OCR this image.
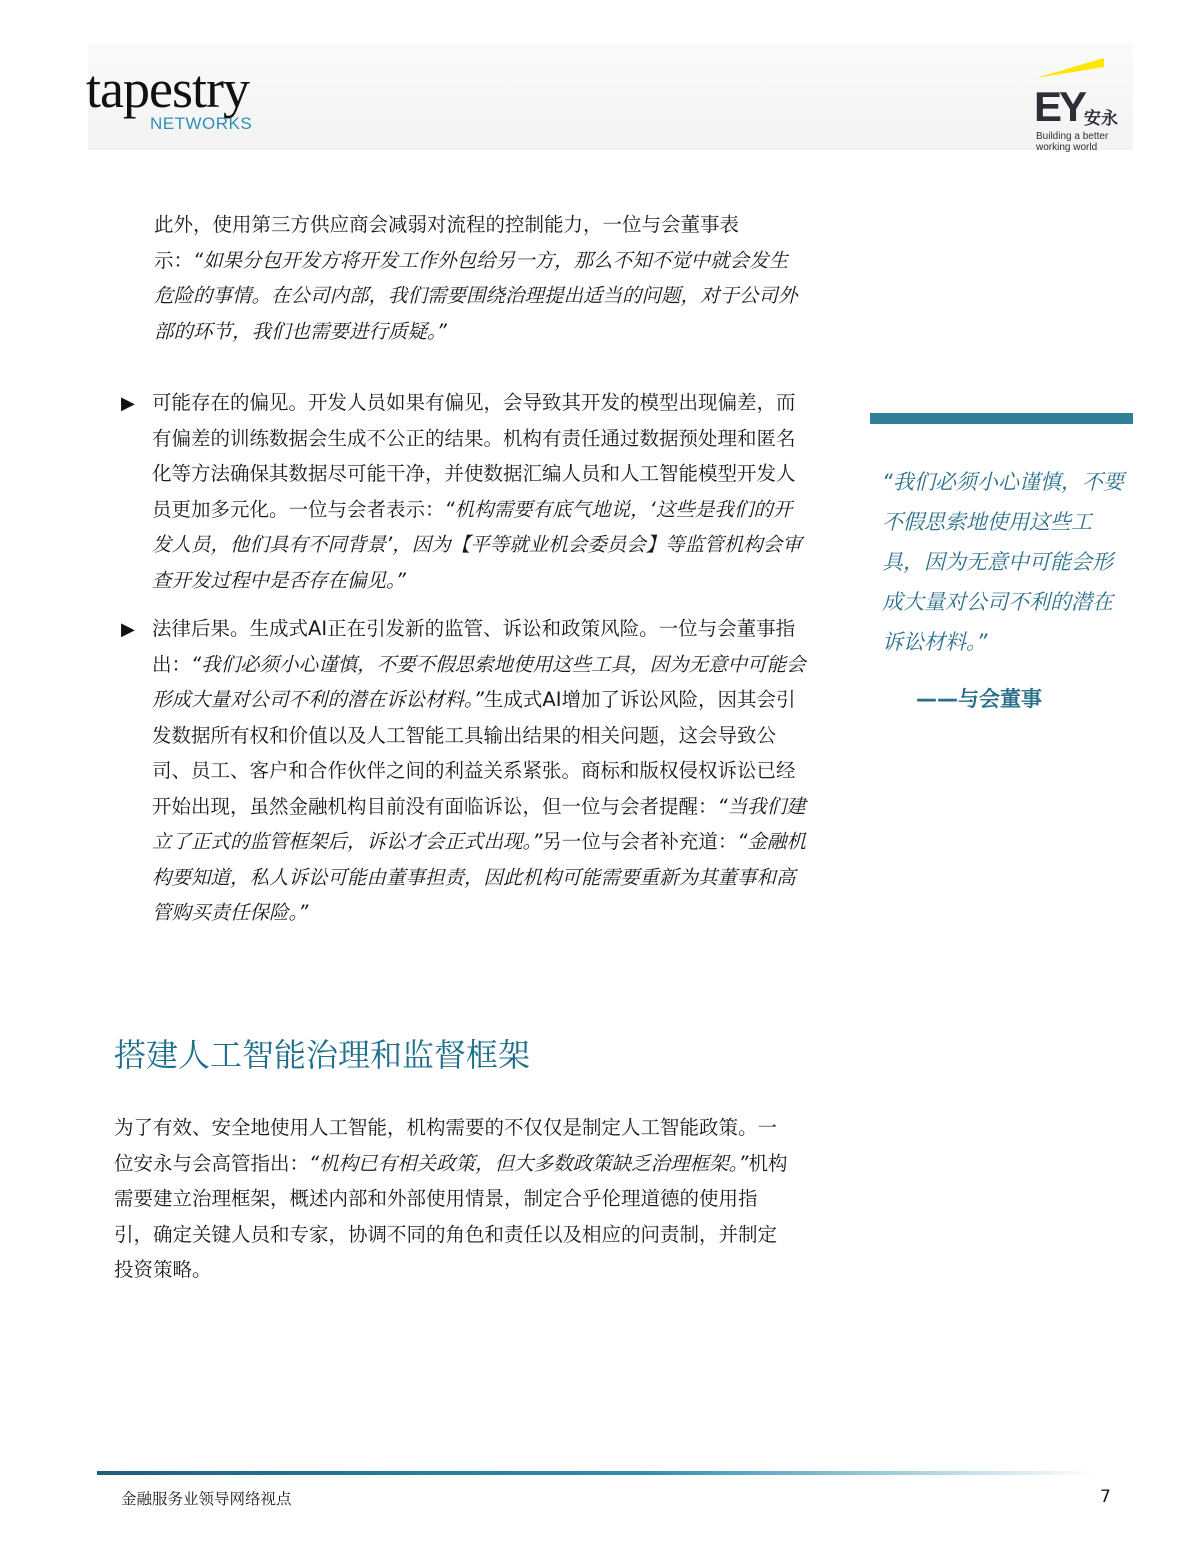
tapestry
NETWORKS	EY 安永
Building a better working world

此外，使用第三方供应商会减弱对流程的控制能力，一位与会董事表示：“如果分包开发方将开发工作外包给另一方，那么不知不觉中就会发生危险的事情。在公司内部，我们需要围绕治理提出适当的问题，对于公司外部的环节，我们也需要进行质疑。”

▶ 可能存在的偏见。开发人员如果有偏见，会导致其开发的模型出现偏差，而有偏差的训练数据会生成不公正的结果。机构有责任通过数据预处理和匿名化等方法确保其数据尽可能干净，并使数据汇编人员和人工智能模型开发人员更加多元化。一位与会者表示：“机构需要有底气地说，‘这些是我们的开发人员，他们具有不同背景’，因为【平等就业机会委员会】等监管机构会审查开发过程中是否存在偏见。”

▶ 法律后果。生成式AI正在引发新的监管、诉讼和政策风险。一位与会董事指出：“我们必须小心谨慎，不要不假思索地使用这些工具，因为无意中可能会形成大量对公司不利的潜在诉讼材料。”生成式AI增加了诉讼风险，因其会引发数据所有权和价值以及人工智能工具输出结果的相关问题，这会导致公司、员工、客户和合作伙伴之间的利益关系紧张。商标和版权侵权诉讼已经开始出现，虽然金融机构目前没有面临诉讼，但一位与会者提醒：“当我们建立了正式的监管框架后，诉讼才会正式出现。”另一位与会者补充道：“金融机构要知道，私人诉讼可能由董事担责，因此机构可能需要重新为其董事和高管购买责任保险。”

“我们必须小心谨慎，不要不假思索地使用这些工具，因为无意中可能会形成大量对公司不利的潜在诉讼材料。”

——与会董事
搭建人工智能治理和监督框架

为了有效、安全地使用人工智能，机构需要的不仅仅是制定人工智能政策。一位安永与会高管指出：“机构已有相关政策，但大多数政策缺乏治理框架。”机构需要建立治理框架，概述内部和外部使用情景，制定合乎伦理道德的使用指引，确定关键人员和专家，协调不同的角色和责任以及相应的问责制，并制定投资策略。

金融服务业领导网络视点	7
